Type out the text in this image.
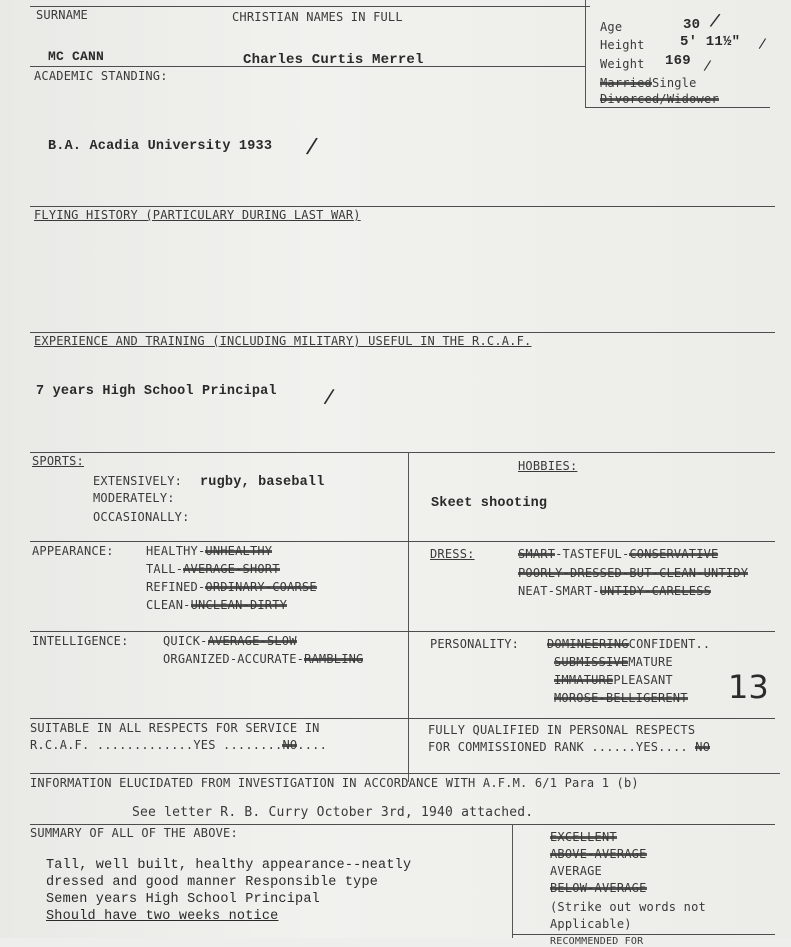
SURNAME	CHRISTIAN NAMES IN FULL
MC CANN	Charles Curtis Merrel
Age	30
Height	5' 11½"
Weight 169
MarriedSingle
Divorced/Widower
/
/
/
ACADEMIC STANDING:
B.A. Acadia University 1933 /
FLYING HISTORY (PARTICULARY DURING LAST WAR)
EXPERIENCE AND TRAINING (INCLUDING MILITARY) USEFUL IN THE R.C.A.F.
7 years High School Principal /
SPORTS:
EXTENSIVELY: rugby, baseball
MODERATELY:
OCCASIONALLY:
HOBBIES:
Skeet shooting
APPEARANCE:	HEALTHY-UNHEALTHY
TALL-AVERAGE-SHORT
REFINED-ORDINARY-COARSE
CLEAN-UNCLEAN-DIRTY
DRESS:	SMART-TASTEFUL-CONSERVATIVE
POORLY-DRESSED-BUT-CLEAN-UNTIDY
NEAT-SMART-UNTIDY-CARELESS
INTELLIGENCE:	QUICK-AVERAGE-SLOW
ORGANIZED-ACCURATE-RAMBLING
PERSONALITY: DOMINEERINGCONFIDENT..
SUBMISSIVEMATURE
IMMATUREPLEASANT
MOROSE-BELLIGERENT 13
SUITABLE IN ALL RESPECTS FOR SERVICE IN
R.C.A.F. .............YES ........NO....
FULLY QUALIFIED IN PERSONAL RESPECTS
FOR COMMISSIONED RANK ......YES.... NO
INFORMATION ELUCIDATED FROM INVESTIGATION IN ACCORDANCE WITH A.F.M. 6/1 Para 1 (b)
See letter R. B. Curry October 3rd, 1940 attached.
SUMMARY OF ALL OF THE ABOVE:
Tall, well built, healthy appearance--neatly
dressed and good manner Responsible type
Semen years High School Principal
Should have two weeks notice
EXCELLENT
ABOVE-AVERAGE
AVERAGE
BELOW-AVERAGE
(Strike out words not
Applicable)
RECOMMENDED FOR
